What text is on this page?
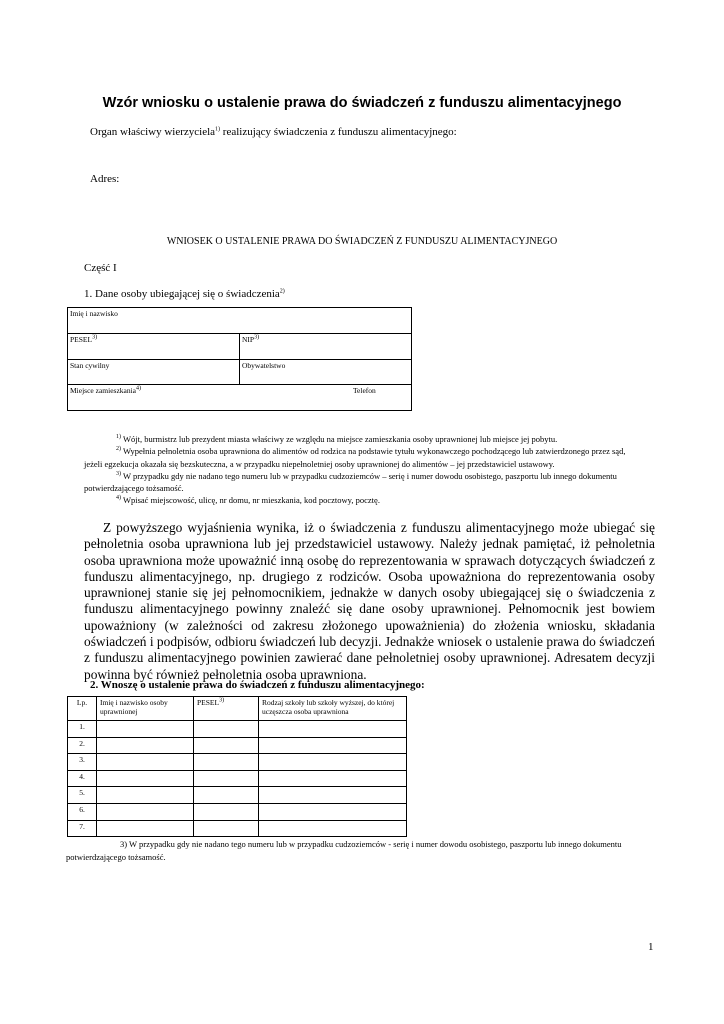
Wzór wniosku o ustalenie prawa do świadczeń z funduszu alimentacyjnego
Organ właściwy wierzyciela$^{1)}$ realizujący świadczenia z funduszu alimentacyjnego:
Adres:
WNIOSEK O USTALENIE PRAWA DO ŚWIADCZEŃ Z FUNDUSZU ALIMENTACYJNEGO
Część I
1. Dane osoby ubiegającej się o świadczenia$^{2)}$
Imię i nazwisko	
PESEL$^{3)}$	NIP$^{3)}$
Stan cywilny	Obywatelstwo
Miejsce zamieszkania$^{4)}$ Telefon	
$^{1)}$ Wójt, burmistrz lub prezydent miasta właściwy ze względu na miejsce zamieszkania osoby uprawnionej lub miejsce jej pobytu.
$^{2)}$ Wypełnia pełnoletnia osoba uprawniona do alimentów od rodzica na podstawie tytułu wykonawczego pochodzącego lub zatwierdzonego przez sąd, jeżeli egzekucja okazała się bezskuteczna, a w przypadku niepełnoletniej osoby uprawnionej do alimentów – jej przedstawiciel ustawowy.
$^{3)}$ W przypadku gdy nie nadano tego numeru lub w przypadku cudzoziemców – serię i numer dowodu osobistego, paszportu lub innego dokumentu potwierdzającego tożsamość.
$^{4)}$ Wpisać miejscowość, ulicę, nr domu, nr mieszkania, kod pocztowy, pocztę.

Z powyższego wyjaśnienia wynika, iż o świadczenia z funduszu alimentacyjnego może ubiegać się pełnoletnia osoba uprawniona lub jej przedstawiciel ustawowy. Należy jednak pamiętać, iż pełnoletnia osoba uprawniona może upoważnić inną osobę do reprezentowania w sprawach dotyczących świadczeń z funduszu alimentacyjnego, np. drugiego z rodziców. Osoba upoważniona do reprezentowania osoby uprawnionej stanie się jej pełnomocnikiem, jednakże w danych osoby ubiegającej się o świadczenia z funduszu alimentacyjnego powinny znaleźć się dane osoby uprawnionej. Pełnomocnik jest bowiem upoważniony (w zależności od zakresu złożonego upoważnienia) do złożenia wniosku, składania oświadczeń i podpisów, odbioru świadczeń lub decyzji. Jednakże wniosek o ustalenie prawa do świadczeń z funduszu alimentacyjnego powinien zawierać dane pełnoletniej osoby uprawnionej. Adresatem decyzji powinna być również pełnoletnia osoba uprawniona.

2. Wnoszę o ustalenie prawa do świadczeń z funduszu alimentacyjnego:
Lp.	Imię i nazwisko osoby uprawnionej	PESEL$^{3)}$	Rodzaj szkoły lub szkoły wyższej, do której uczęszcza osoba uprawniona
1.			
2.			
3.			
4.			
5.			
6.			
7.			
3) W przypadku gdy nie nadano tego numeru lub w przypadku cudzoziemców - serię i numer dowodu osobistego, paszportu lub innego dokumentu potwierdzającego tożsamość.
1
